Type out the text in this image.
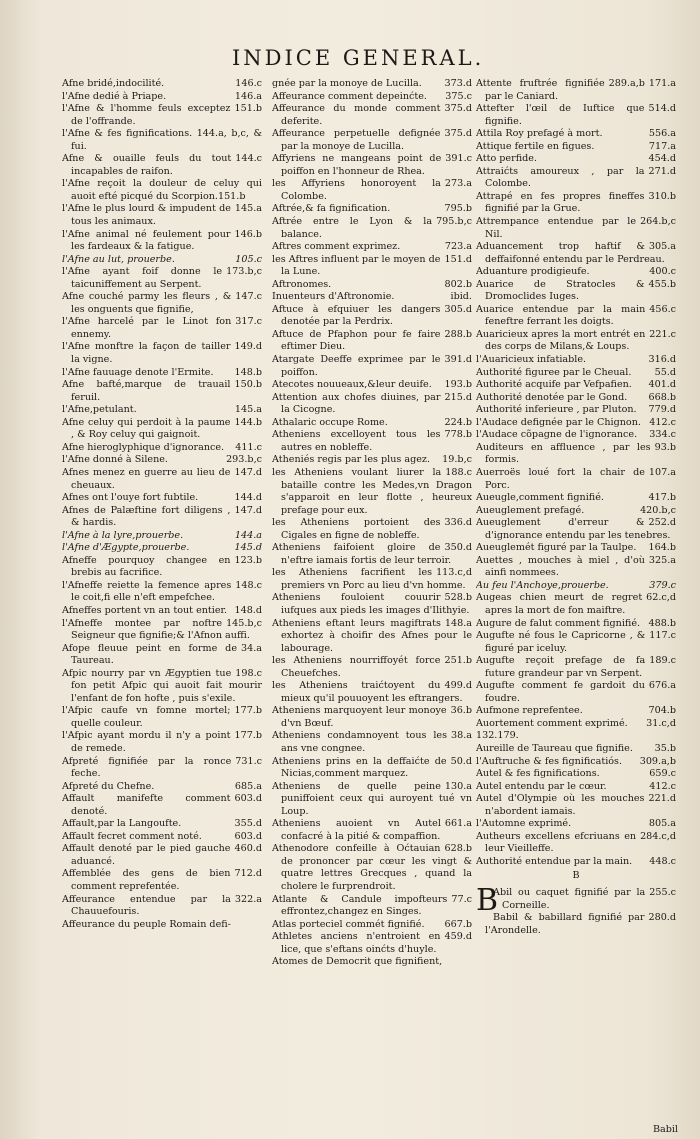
INDICE GENERAL.
146.c
Afne bridé,indocilité.
146.a
l'Afne dedié à Priape.
151.b
l'Afne & l'homme feuls exceptez de l'offrande.
l'Afne & fes fignifications. 144.a, b,c, & fui.
144.c
Afne & ouaille feuls du tout incapables de raifon.
l'Afne reçoit la douleur de celuy qui auoit efté picqué du Scorpion.151.b
145.a
l'Afne le plus lourd & impudent de tous les animaux.
146.b
l'Afne animal né feulement pour les fardeaux & la fatigue.
105.c
l'Afne au lut, prouerbe.
173.b,c
l'Afne ayant foif donne le taicuniffement au Serpent.
147.c
Afne couché parmy les fleurs , & les onguents que fignifie,
317.c
l'Afne harcelé par le Linot fon ennemy.
149.d
l'Afne monftre la façon de tailler la vigne.
148.b
l'Afne fauuage denote l'Ermite.
150.b
Afne bafté,marque de trauail feruil.
145.a
l'Afne,petulant.
144.b
Afne celuy qui perdoit à la paume , & Roy celuy qui gaignoit.
411.c
Afne hieroglyphique d'ignorance.
293.b,c
l'Afne donné à Silene.
147.d
Afnes menez en guerre au lieu de cheuaux.
144.d
Afnes ont l'ouye fort fubtile.
147.d
Afnes de Palæftine fort diligens , & hardis.
144.a
l'Afne à la lyre,prouerbe.
145.d
l'Afne d'Ægypte,prouerbe.
123.b
Afneffe pourquoy changee en brebis au facrifice.
148.c
l'Afneffe reiette la femence apres le coit,fi elle n'eft empefchee.
148.d
Afneffes portent vn an tout entier.
145.b,c
l'Afneffe montee par noftre Seigneur que fignifie;& l'Afnon auffi.
34.a
Afope fleuue peint en forme de Taureau.
198.c
Afpic nourry par vn Ægyptien tue fon petit Afpic qui auoit fait mourir l'enfant de fon hofte , puis s'exile.
177.b
l'Afpic caufe vn fomne mortel; quelle couleur.
177.b
l'Afpic ayant mordu il n'y a point de remede.
731.c
Afpreté fignifiée par la ronce feche.
685.a
Afpreté du Chefne.
603.d
Affault manifefte comment denoté.
355.d
Affault,par la Langoufte.
603.d
Affault fecret comment noté.
460.d
Affault denoté par le pied gauche aduancé.
712.d
Affemblée des gens de bien comment reprefentée.
322.a
Affeurance entendue par la Chauuefouris.
Affeurance du peuple Romain defi-
373.d
gnée par la monoye de Lucilla.
375.c
Affeurance comment depeinćte.
375.d
Affeurance du monde comment deferite.
375.d
Affeurance perpetuelle defignée par la monoye de Lucilla.
391.c
Affyriens ne mangeans point de poiffon en l'honneur de Rhea.
273.a
les Affyriens honoroyent la Colombe.
795.b
Aftrée,& fa fignification.
795.b,c
Aftrée entre le Lyon & la balance.
723.a
Aftres comment exprimez.
151.d
les Aftres influent par le moyen de la Lune.
802.b
Aftronomes.
ibid.
Inuenteurs d'Aftronomie.
305.d
Aftuce à efquiuer les dangers denotée par la Perdrix.
288.b
Aftuce de Pfaphon pour fe faire eftimer Dieu.
391.d
Atargate Deeffe exprimee par le poiffon.
193.b
Atecotes nouueaux,&leur deuife.
215.d
Attention aux chofes diuines, par la Cicogne.
224.b
Athalaric occupe Rome.
778.b
Atheniens excelloyent tous les autres en nobleffe.
19.b,c
Atheniés regis par les plus agez.
188.c
les Atheniens voulant liurer la bataille contre les Medes,vn Dragon s'apparoit en leur flotte , heureux prefage pour eux.
336.d
les Atheniens portoient des Cigales en figne de nobleffe.
350.d
Atheniens faifoient gloire de n'eftre iamais fortis de leur terroir.
113.c,d
les Atheniens facrifient les premiers vn Porc au lieu d'vn homme.
528.b
Atheniens fouloient couurir iufques aux pieds les images d'Ilithyie.
148.a
Atheniens eftant leurs magiftrats exhortez à choifir des Afnes pour le labourage.
251.b
les Atheniens nourriffoyét force Cheuefches.
499.d
les Atheniens traićtoyent du mieux qu'il pouuoyent les eftrangers.
36.b
Atheniens marquoyent leur monoye d'vn Bœuf.
38.a
Atheniens condamnoyent tous les ans vne congnee.
50.d
Atheniens prins en la deffaićte de Nicias,comment marquez.
130.a
Atheniens de quelle peine puniffoient ceux qui auroyent tué vn Loup.
661.a
Atheniens auoient vn Autel confacré à la pitié & compaffion.
628.b
Athenodore confeille à Oćtauian de prononcer par cœur les vingt & quatre lettres Grecques , quand la cholere le furprendroit.
77.c
Atlante & Candule impofteurs effrontez,changez en Singes.
667.b
Atlas porteciel commét fignifié.
459.d
Athletes anciens n'entroient en lice, que s'eftans oinćts d'huyle.
Atomes de Democrit que fignifient,
171.a
289.a,b
Attente fruftrée fignifiée par le Caniard.
514.d
Attefter l'œil de Iuftice que fignifie.
556.a
Attila Roy prefagé à mort.
717.a
Attique fertile en figues.
454.d
Atto perfide.
271.d
Attraićts amoureux , par la Colombe.
310.b
Attrapé en fes propres fineffes fignifié par la Grue.
264.b,c
Attrempance entendue par le Nil.
305.a
Aduancement trop haftif & deffaifonné entendu par le Perdreau.
400.c
Aduanture prodigieufe.
455.b
Auarice de Stratocles & Dromoclides Iuges.
456.c
Auarice entendue par la main feneftre ferrant les doigts.
221.c
Auaricieux apres la mort entrét en des corps de Milans,& Loups.
316.d
l'Auaricieux infatiable.
55.d
Authorité figuree par le Cheual.
401.d
Authorité acquife par Vefpafien.
668.b
Authorité denotée par le Gond.
779.d
Authorité inferieure , par Pluton.
412.c
l'Audace defignée par le Chignon.
334.c
l'Audace cõpagne de l'ignorance.
93.b
Auditeurs en affluence , par les formis.
107.a
Auerroës loué fort la chair de Porc.
417.b
Aueugle,comment fignifié.
420.b,c
Aueuglement prefagé.
252.d
Aueuglement d'erreur & d'ignorance entendu par les tenebres.
164.b
Aueuglemét figuré par la Taulpe.
325.a
Auettes , mouches à miel , d'où ainfi nommees.
379.c
Au feu l'Anchoye,prouerbe.
62.c,d
Augeas chien meurt de regret apres la mort de fon maiftre.
488.b
Augure de falut comment fignifié.
117.c
Augufte né fous le Capricorne , & figuré par iceluy.
189.c
Augufte reçoit prefage de fa future grandeur par vn Serpent.
676.a
Augufte comment fe gardoit du foudre.
704.b
Aufmone reprefentee.
31.c,d
Auortement comment exprimé.
132.179.
35.b
Aureille de Taureau que fignifie.
309.a,b
l'Auftruche & fes fignificatiós.
659.c
Autel & fes fignifications.
412.c
Autel entendu par le cœur.
221.d
Autel d'Olympie où les mouches n'abordent iamais.
805.a
l'Automne exprimé.
284.c,d
Autheurs excellens efcriuans en leur Vieilleffe.
448.c
Authorité entendue par la main.
B
B	255.c
Abil ou caquet fignifié par la Corneille.
280.d
Babil & babillard fignifié par l'Arondelle.
Babil
